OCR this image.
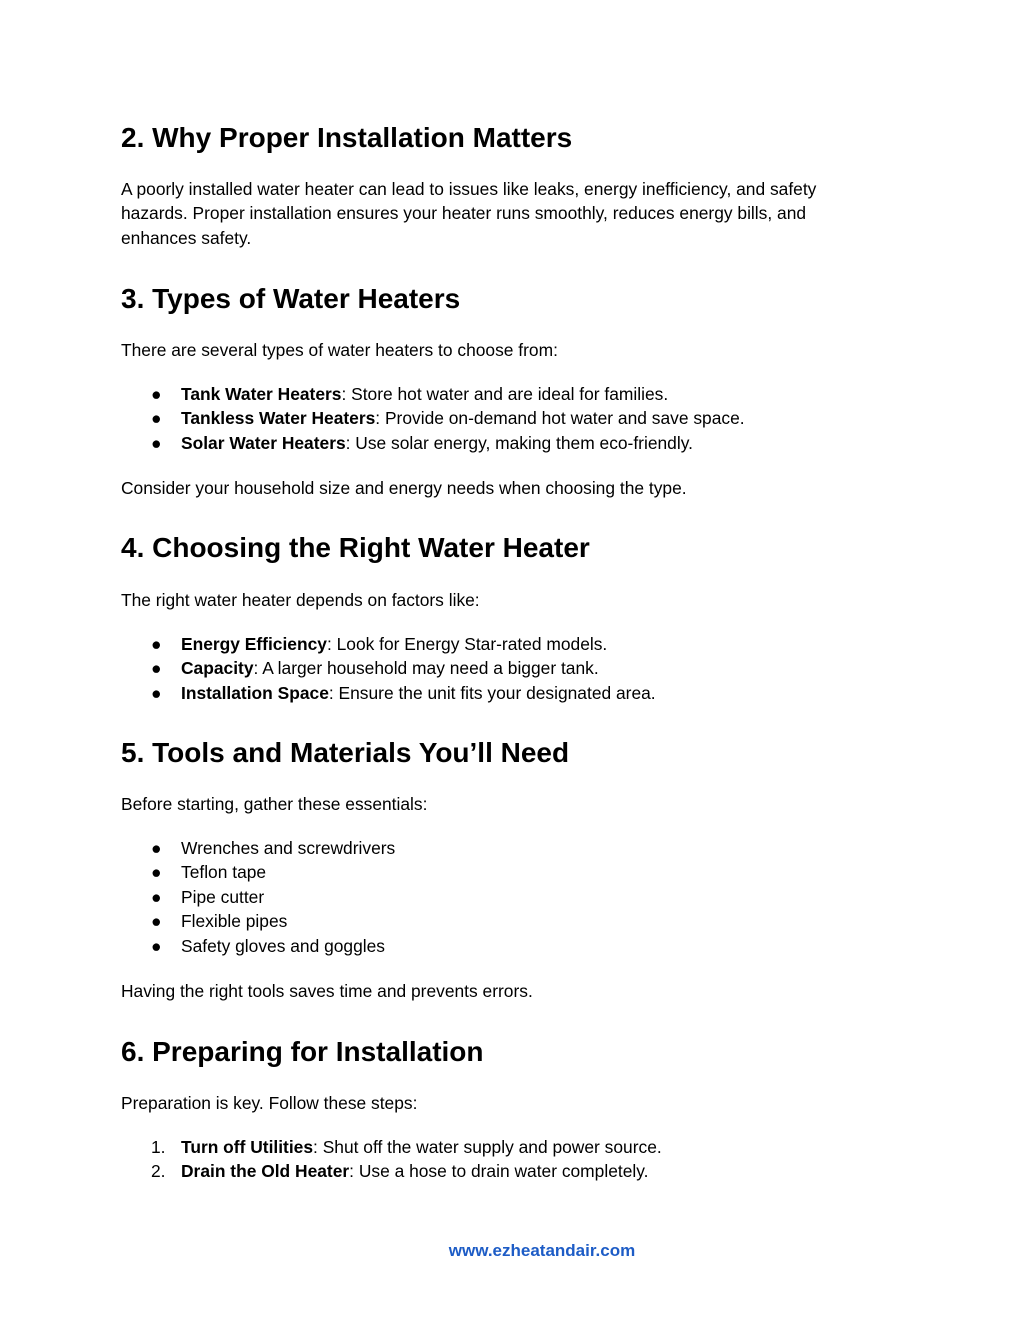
2. Why Proper Installation Matters

A poorly installed water heater can lead to issues like leaks, energy inefficiency, and safety hazards. Proper installation ensures your heater runs smoothly, reduces energy bills, and enhances safety.

3. Types of Water Heaters

There are several types of water heaters to choose from:

●	Tank Water Heaters: Store hot water and are ideal for families.
●	Tankless Water Heaters: Provide on-demand hot water and save space.
●	Solar Water Heaters: Use solar energy, making them eco-friendly.

Consider your household size and energy needs when choosing the type.

4. Choosing the Right Water Heater

The right water heater depends on factors like:

●	Energy Efficiency: Look for Energy Star-rated models.
●	Capacity: A larger household may need a bigger tank.
●	Installation Space: Ensure the unit fits your designated area.
5. Tools and Materials You’ll Need

Before starting, gather these essentials:

●	Wrenches and screwdrivers
●	Teflon tape
●	Pipe cutter
●	Flexible pipes
●	Safety gloves and goggles

Having the right tools saves time and prevents errors.

6. Preparing for Installation

Preparation is key. Follow these steps:

1. Turn off Utilities: Shut off the water supply and power source.
2. Drain the Old Heater: Use a hose to drain water completely.
www.ezheatandair.com
